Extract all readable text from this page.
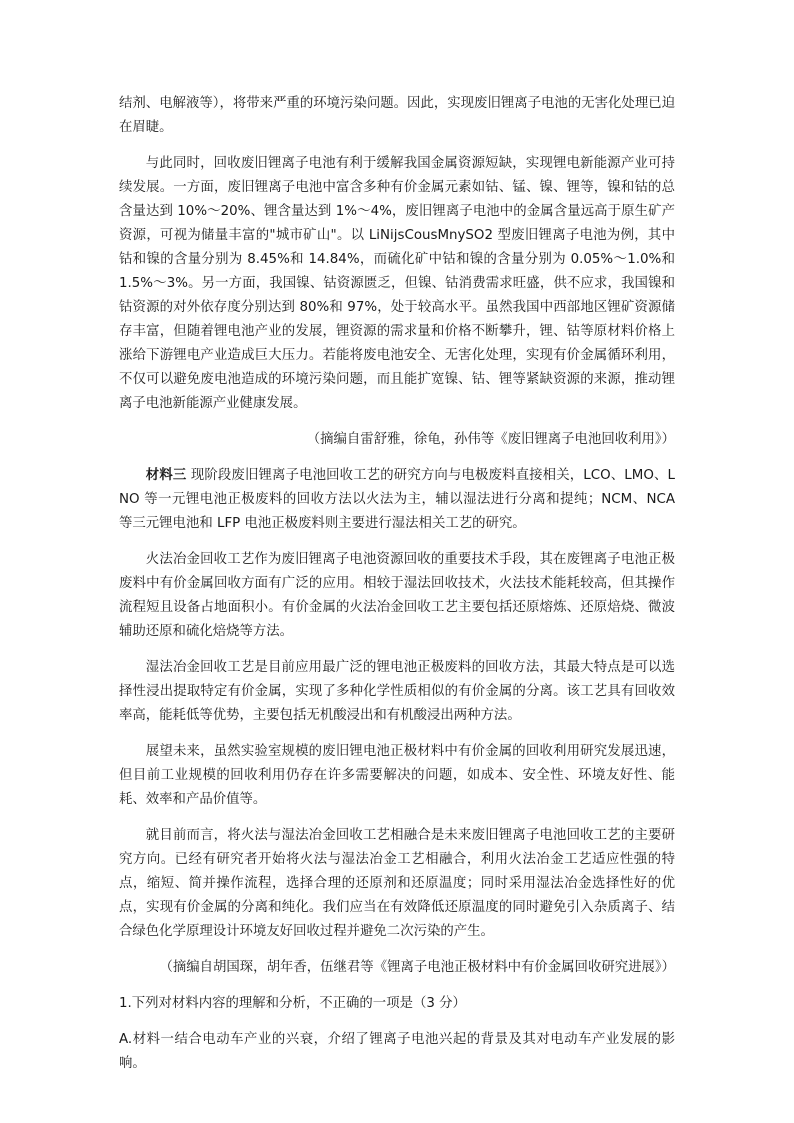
结剂、电解液等），将带来严重的环境污染问题。因此，实现废旧锂离子电池的无害化处理已迫在眉睫。

与此同时，回收废旧锂离子电池有利于缓解我国金属资源短缺，实现锂电新能源产业可持续发展。一方面，废旧锂离子电池中富含多种有价金属元素如钴、锰、镍、锂等，镍和钴的总含量达到 10%～20%、锂含量达到 1%～4%，废旧锂离子电池中的金属含量远高于原生矿产资源，可视为储量丰富的"城市矿山"。以 LiNijsCousMnySO2 型废旧锂离子电池为例，其中钴和镍的含量分别为 8.45%和 14.84%，而硫化矿中钴和镍的含量分别为 0.05%～1.0%和 1.5%～3%。另一方面，我国镍、钴资源匮乏，但镍、钴消费需求旺盛，供不应求，我国镍和钴资源的对外依存度分别达到 80%和 97%，处于较高水平。虽然我国中西部地区锂矿资源储存丰富，但随着锂电池产业的发展，锂资源的需求量和价格不断攀升，锂、钴等原材料价格上涨给下游锂电产业造成巨大压力。若能将废电池安全、无害化处理，实现有价金属循环利用，不仅可以避免废电池造成的环境污染问题，而且能扩宽镍、钴、锂等紧缺资源的来源，推动锂离子电池新能源产业健康发展。

（摘编自雷舒雅，徐龟，孙伟等《废旧锂离子电池回收利用》）

材料三 现阶段废旧锂离子电池回收工艺的研究方向与电极废料直接相关，LCO、LMO、LNO 等一元锂电池正极废料的回收方法以火法为主，辅以湿法进行分离和提纯；NCM、NCA 等三元锂电池和 LFP 电池正极废料则主要进行湿法相关工艺的研究。

火法冶金回收工艺作为废旧锂离子电池资源回收的重要技术手段，其在废锂离子电池正极废料中有价金属回收方面有广泛的应用。相较于湿法回收技术，火法技术能耗较高，但其操作流程短且设备占地面积小。有价金属的火法冶金回收工艺主要包括还原熔炼、还原焙烧、微波辅助还原和硫化焙烧等方法。

湿法冶金回收工艺是目前应用最广泛的锂电池正极废料的回收方法，其最大特点是可以选择性浸出提取特定有价金属，实现了多种化学性质相似的有价金属的分离。该工艺具有回收效率高，能耗低等优势，主要包括无机酸浸出和有机酸浸出两种方法。

展望未来，虽然实验室规模的废旧锂电池正极材料中有价金属的回收利用研究发展迅速，但目前工业规模的回收利用仍存在许多需要解决的问题，如成本、安全性、环境友好性、能耗、效率和产品价值等。

就目前而言，将火法与湿法冶金回收工艺相融合是未来废旧锂离子电池回收工艺的主要研究方向。已经有研究者开始将火法与湿法冶金工艺相融合，利用火法冶金工艺适应性强的特点，缩短、简并操作流程，选择合理的还原剂和还原温度；同时采用湿法冶金选择性好的优点，实现有价金属的分离和纯化。我们应当在有效降低还原温度的同时避免引入杂质离子、结合绿色化学原理设计环境友好回收过程并避免二次污染的产生。

（摘编自胡国琛，胡年香，伍继君等《锂离子电池正极材料中有价金属回收研究进展》）

1.下列对材料内容的理解和分析，不正确的一项是（3 分）

A.材料一结合电动车产业的兴衰，介绍了锂离子电池兴起的背景及其对电动车产业发展的影响。
